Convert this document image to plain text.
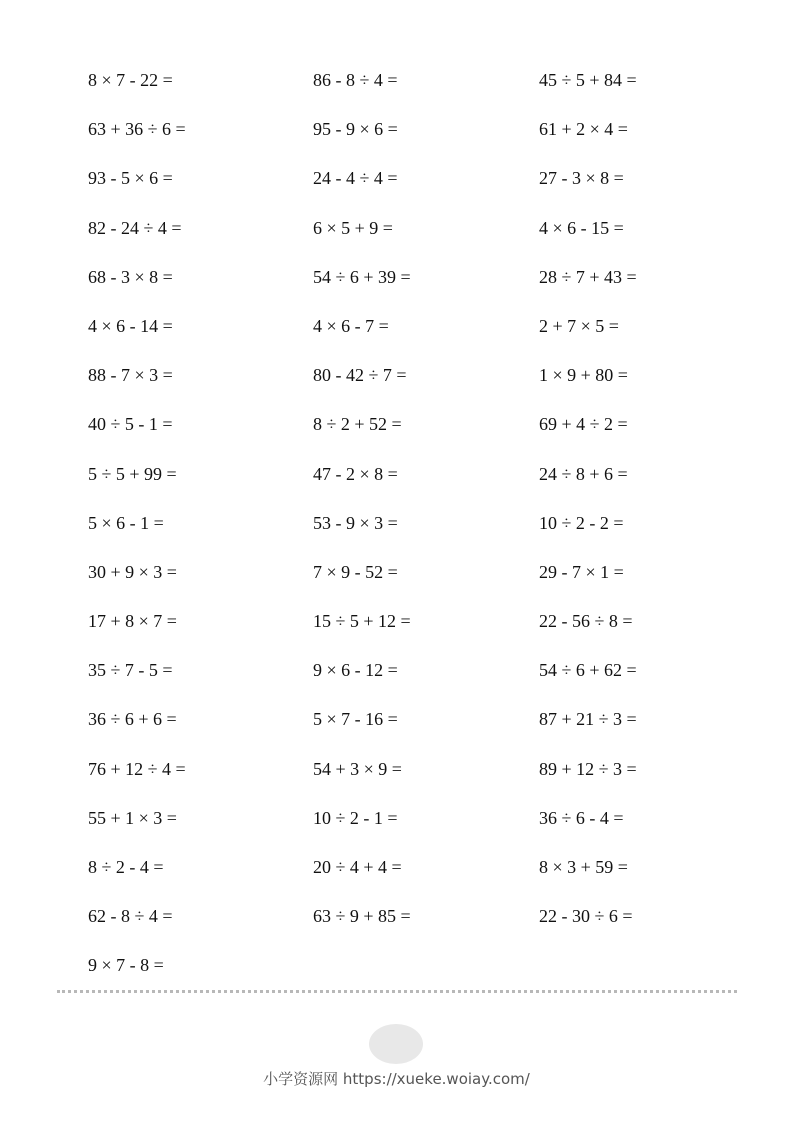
8 × 7 - 22 =	86 - 8 ÷ 4 =	45 ÷ 5 + 84 =
63 + 36 ÷ 6 =	95 - 9 × 6 =	61 + 2 × 4 =
93 - 5 × 6 =	24 - 4 ÷ 4 =	27 - 3 × 8 =
82 - 24 ÷ 4 =	6 × 5 + 9 =	4 × 6 - 15 =
68 - 3 × 8 =	54 ÷ 6 + 39 =	28 ÷ 7 + 43 =
4 × 6 - 14 =	4 × 6 - 7 =	2 + 7 × 5 =
88 - 7 × 3 =	80 - 42 ÷ 7 =	1 × 9 + 80 =
40 ÷ 5 - 1 =	8 ÷ 2 + 52 =	69 + 4 ÷ 2 =
5 ÷ 5 + 99 =	47 - 2 × 8 =	24 ÷ 8 + 6 =
5 × 6 - 1 =	53 - 9 × 3 =	10 ÷ 2 - 2 =
30 + 9 × 3 =	7 × 9 - 52 =	29 - 7 × 1 =
17 + 8 × 7 =	15 ÷ 5 + 12 =	22 - 56 ÷ 8 =
35 ÷ 7 - 5 =	9 × 6 - 12 =	54 ÷ 6 + 62 =
36 ÷ 6 + 6 =	5 × 7 - 16 =	87 + 21 ÷ 3 =
76 + 12 ÷ 4 =	54 + 3 × 9 =	89 + 12 ÷ 3 =
55 + 1 × 3 =	10 ÷ 2 - 1 =	36 ÷ 6 - 4 =
8 ÷ 2 - 4 =	20 ÷ 4 + 4 =	8 × 3 + 59 =
62 - 8 ÷ 4 =	63 ÷ 9 + 85 =	22 - 30 ÷ 6 =
9 × 7 - 8 =
小学资源网 https://xueke.woiay.com/
